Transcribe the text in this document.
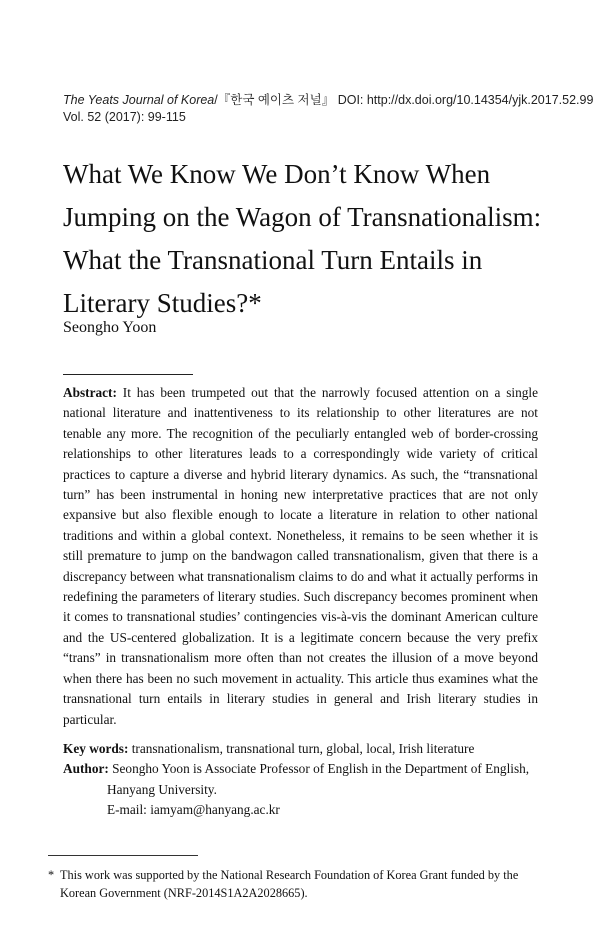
The Yeats Journal of Korea/『한국 예이츠 저널』 DOI: http://dx.doi.org/10.14354/yjk.2017.52.99
Vol. 52 (2017): 99-115
What We Know We Don’t Know When
Jumping on the Wagon of Transnationalism:
What the Transnational Turn Entails in
Literary Studies?*
Seongho Yoon
Abstract: It has been trumpeted out that the narrowly focused attention on a single national literature and inattentiveness to its relationship to other literatures are not tenable any more. The recognition of the peculiarly entangled web of border-crossing relationships to other literatures leads to a correspondingly wide variety of critical practices to capture a diverse and hybrid literary dynamics. As such, the “transnational turn” has been instrumental in honing new interpretative practices that are not only expansive but also flexible enough to locate a literature in relation to other national traditions and within a global context. Nonetheless, it remains to be seen whether it is still premature to jump on the bandwagon called transnationalism, given that there is a discrepancy between what transnationalism claims to do and what it actually performs in redefining the parameters of literary studies. Such discrepancy becomes prominent when it comes to transnational studies’ contingencies vis-à-vis the dominant American culture and the US-centered globalization. It is a legitimate concern because the very prefix “trans” in transnationalism more often than not creates the illusion of a move beyond when there has been no such movement in actuality. This article thus examines what the transnational turn entails in literary studies in general and Irish literary studies in particular.
Key words: transnationalism, transnational turn, global, local, Irish literature
Author: Seongho Yoon is Associate Professor of English in the Department of English,
Hanyang University.
E-mail: iamyam@hanyang.ac.kr
* This work was supported by the National Research Foundation of Korea Grant funded by the
Korean Government (NRF-2014S1A2A2028665).
